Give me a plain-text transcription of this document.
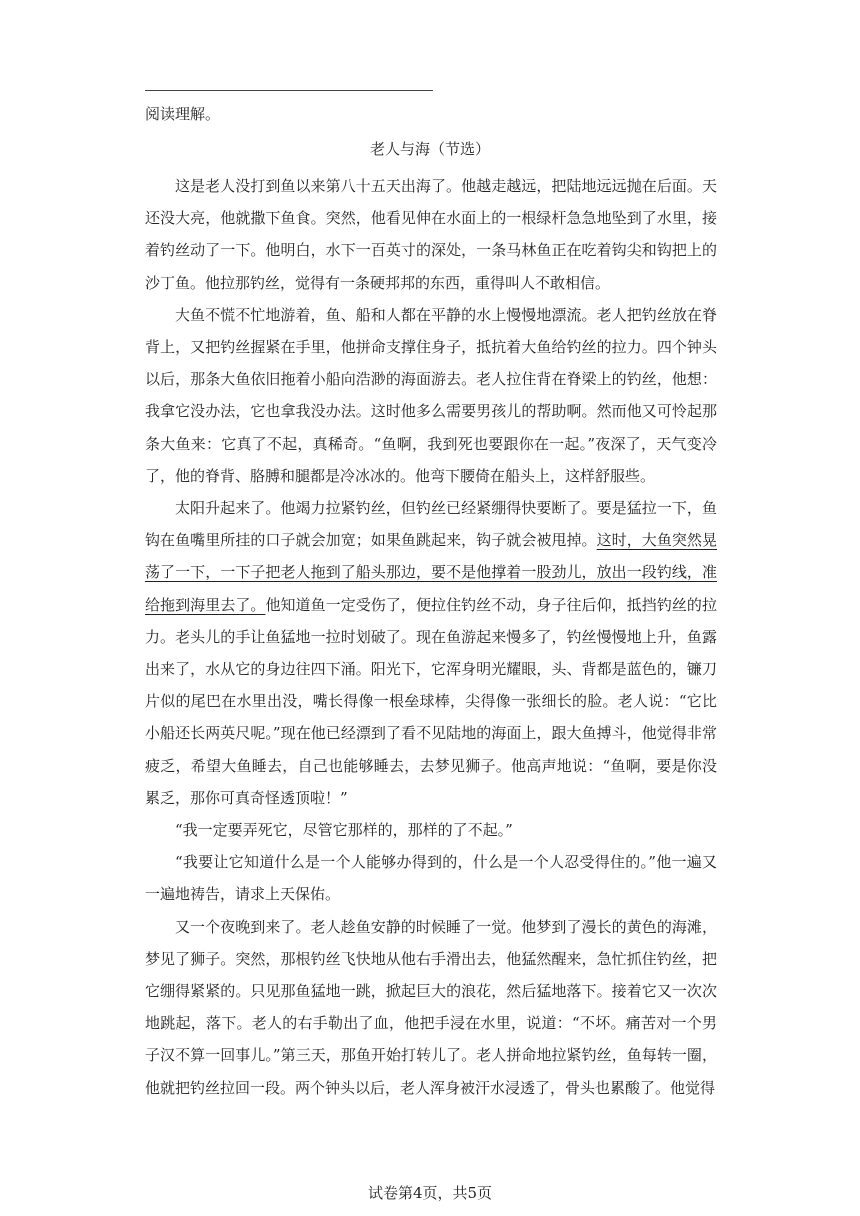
阅读理解。
老人与海（节选）

这是老人没打到鱼以来第八十五天出海了。他越走越远，把陆地远远抛在后面。天还没大亮，他就撒下鱼食。突然，他看见伸在水面上的一根绿杆急急地坠到了水里，接着钓丝动了一下。他明白，水下一百英寸的深处，一条马林鱼正在吃着钩尖和钩把上的沙丁鱼。他拉那钓丝，觉得有一条硬邦邦的东西，重得叫人不敢相信。

大鱼不慌不忙地游着，鱼、船和人都在平静的水上慢慢地漂流。老人把钓丝放在脊背上，又把钓丝握紧在手里，他拼命支撑住身子，抵抗着大鱼给钓丝的拉力。四个钟头以后，那条大鱼依旧拖着小船向浩渺的海面游去。老人拉住背在脊梁上的钓丝，他想：我拿它没办法，它也拿我没办法。这时他多么需要男孩儿的帮助啊。然而他又可怜起那条大鱼来：它真了不起，真稀奇。“鱼啊，我到死也要跟你在一起。”夜深了，天气变冷了，他的脊背、胳膊和腿都是冷冰冰的。他弯下腰倚在船头上，这样舒服些。

太阳升起来了。他竭力拉紧钓丝，但钓丝已经紧绷得快要断了。要是猛拉一下，鱼钩在鱼嘴里所挂的口子就会加宽；如果鱼跳起来，钩子就会被甩掉。这时，大鱼突然晃荡了一下，一下子把老人拖到了船头那边，要不是他撑着一股劲儿，放出一段钓线，准给拖到海里去了。他知道鱼一定受伤了，便拉住钓丝不动，身子往后仰，抵挡钓丝的拉力。老头儿的手让鱼猛地一拉时划破了。现在鱼游起来慢多了，钓丝慢慢地上升，鱼露出来了，水从它的身边往四下涌。阳光下，它浑身明光耀眼，头、背都是蓝色的，镰刀片似的尾巴在水里出没，嘴长得像一根垒球棒，尖得像一张细长的脸。老人说：“它比小船还长两英尺呢。”现在他已经漂到了看不见陆地的海面上，跟大鱼搏斗，他觉得非常疲乏，希望大鱼睡去，自己也能够睡去，去梦见狮子。他高声地说：“鱼啊，要是你没累乏，那你可真奇怪透顶啦！”

“我一定要弄死它，尽管它那样的，那样的了不起。”

“我要让它知道什么是一个人能够办得到的，什么是一个人忍受得住的。”他一遍又一遍地祷告，请求上天保佑。

又一个夜晚到来了。老人趁鱼安静的时候睡了一觉。他梦到了漫长的黄色的海滩，梦见了狮子。突然，那根钓丝飞快地从他右手滑出去，他猛然醒来，急忙抓住钓丝，把它绷得紧紧的。只见那鱼猛地一跳，掀起巨大的浪花，然后猛地落下。接着它又一次次地跳起，落下。老人的右手勒出了血，他把手浸在水里，说道：“不坏。痛苦对一个男子汉不算一回事儿。”第三天，那鱼开始打转儿了。老人拼命地拉紧钓丝，鱼每转一圈，他就把钓丝拉回一段。两个钟头以后，老人浑身被汗水浸透了，骨头也累酸了。他觉得

试卷第4页，共5页
